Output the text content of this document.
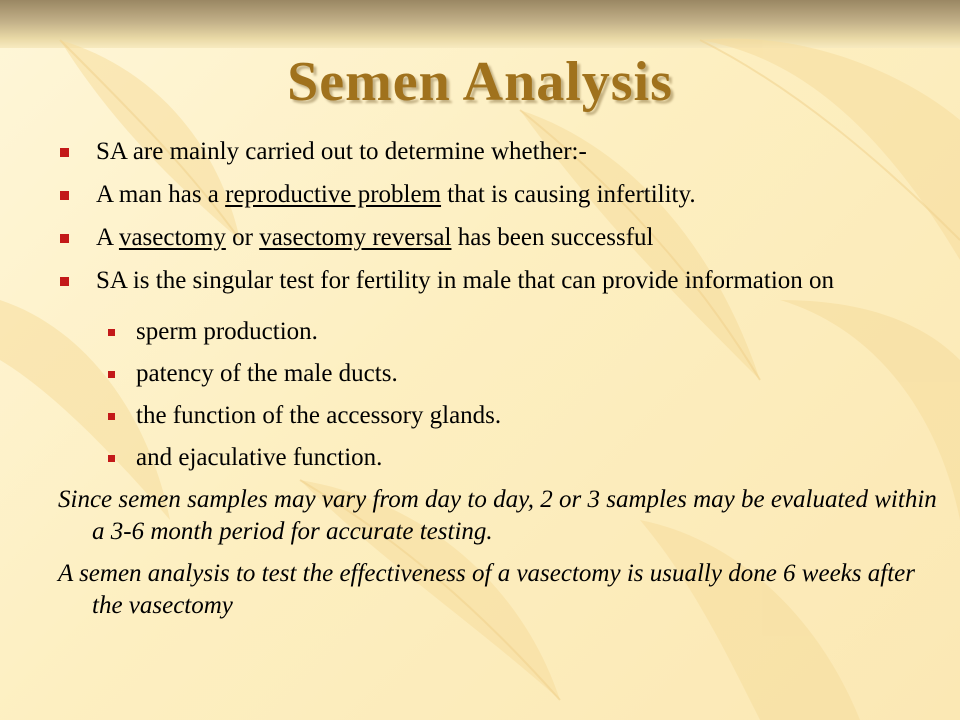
Semen Analysis
SA are mainly carried out to determine whether:-
A man has a reproductive problem that is causing infertility.
A vasectomy or vasectomy reversal has been successful
SA is the singular test for fertility in male that can provide information on
sperm production.
patency of the male ducts.
the function of the accessory glands.
and ejaculative function.

Since semen samples may vary from day to day, 2 or 3 samples may be evaluated within a 3-6 month period for accurate testing.

A semen analysis to test the effectiveness of a vasectomy is usually done 6 weeks after the vasectomy
